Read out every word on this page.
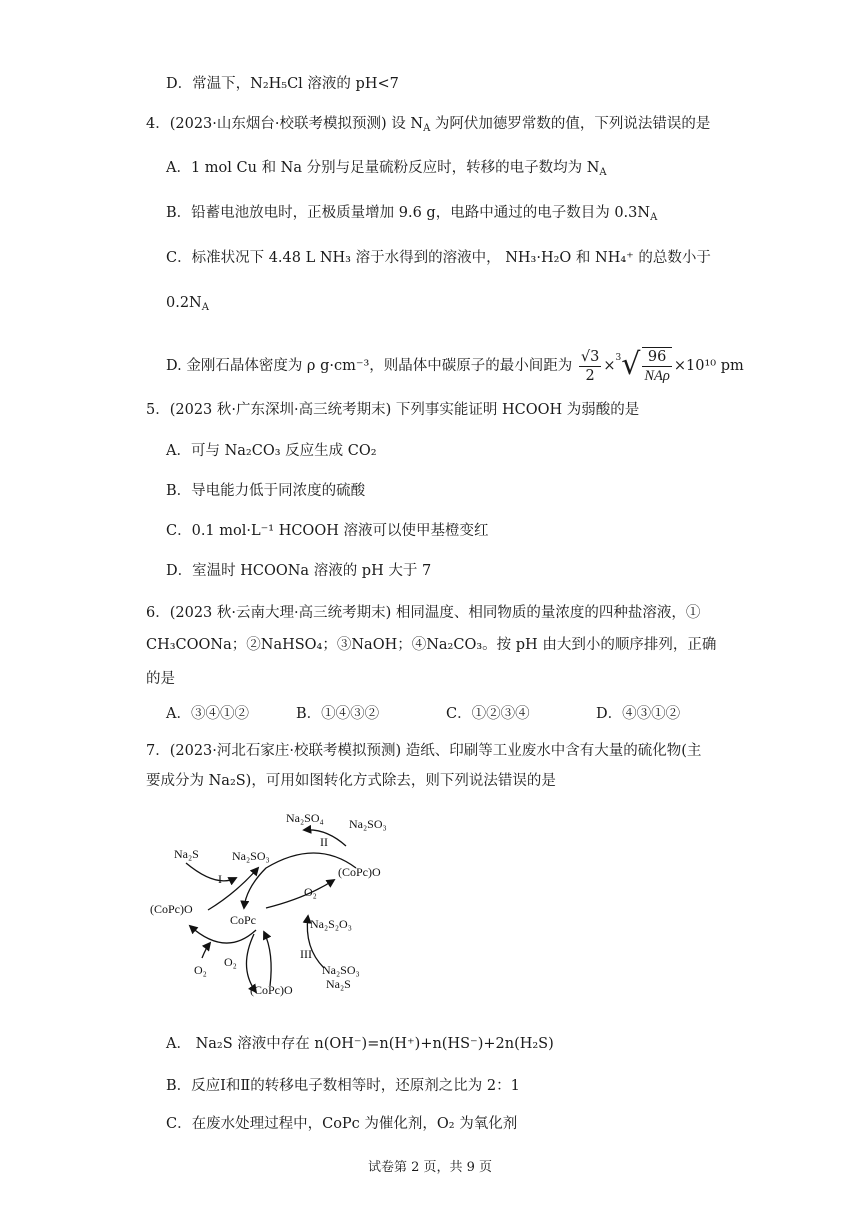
D．常温下，N₂H₅Cl 溶液的 pH<7
4．(2023·山东烟台·校联考模拟预测) 设 $N_A$ 为阿伏加德罗常数的值，下列说法错误的是
A．1 mol Cu 和 Na 分别与足量硫粉反应时，转移的电子数均为 $N_A$
B．铅蓄电池放电时，正极质量增加 9.6 g，电路中通过的电子数目为 $0.3N_A$
C．标准状况下 4.48 L NH₃ 溶于水得到的溶液中， NH₃·H₂O 和 NH₄⁺ 的总数小于
$0.2N_A$
D. 金刚石晶体密度为 ρ g·cm⁻³，则晶体中碳原子的最小间距为 $\frac{√3}{2} \times^3√ \frac{96}{\text{NAρ}} \times 10^{10}$ pm
5．(2023 秋·广东深圳·高三统考期末) 下列事实能证明 HCOOH 为弱酸的是
A．可与 Na₂CO₃ 反应生成 CO₂
B．导电能力低于同浓度的硫酸
C．0.1 mol·L⁻¹ HCOOH 溶液可以使甲基橙变红
D．室温时 HCOONa 溶液的 pH 大于 7
6．(2023 秋·云南大理·高三统考期末) 相同温度、相同物质的量浓度的四种盐溶液，①
CH₃COONa；②NaHSO₄；③NaOH；④Na₂CO₃。按 pH 由大到小的顺序排列，正确
的是
A．③④①②	B．①④③②	C．①②③④	D．④③①②
7．(2023·河北石家庄·校联考模拟预测) 造纸、印刷等工业废水中含有大量的硫化物(主
要成分为 Na₂S)，可用如图转化方式除去，则下列说法错误的是
Na₂SO₄ Na₂SO₃
II
Na₂S	Na₂SO₃
I	(CoPc)O
O₂
(CoPc)O
CoPc	Na₂S₂O₃
III
O₂
O₂
Na₂SO₃
Na₂S
(CoPc)O
A． Na₂S 溶液中存在 n(OH⁻)=n(H⁺)+n(HS⁻)+2n(H₂S)
B．反应Ⅰ和Ⅱ的转移电子数相等时，还原剂之比为 2：1
C．在废水处理过程中，CoPc 为催化剂，O₂ 为氧化剂
试卷第 2 页，共 9 页
